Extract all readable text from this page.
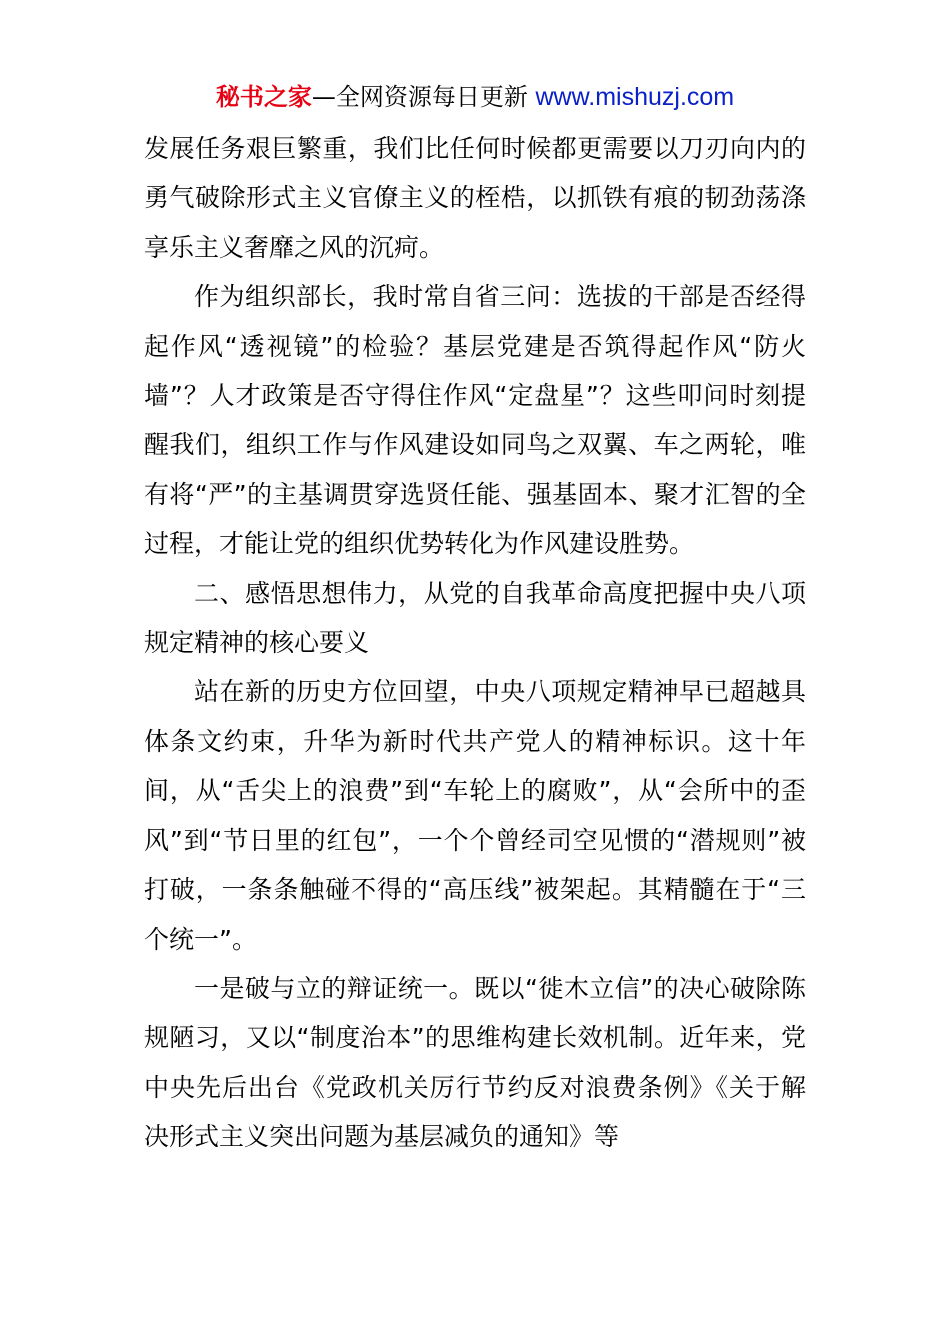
秘书之家—全网资源每日更新 www.mishuzj.com

发展任务艰巨繁重，我们比任何时候都更需要以刀刃向内的勇气破除形式主义官僚主义的桎梏，以抓铁有痕的韧劲荡涤享乐主义奢靡之风的沉疴。

作为组织部长，我时常自省三问：选拔的干部是否经得起作风“透视镜”的检验？基层党建是否筑得起作风“防火墙”？人才政策是否守得住作风“定盘星”？这些叩问时刻提醒我们，组织工作与作风建设如同鸟之双翼、车之两轮，唯有将“严”的主基调贯穿选贤任能、强基固本、聚才汇智的全过程，才能让党的组织优势转化为作风建设胜势。

二、感悟思想伟力，从党的自我革命高度把握中央八项规定精神的核心要义

站在新的历史方位回望，中央八项规定精神早已超越具体条文约束，升华为新时代共产党人的精神标识。这十年间，从“舌尖上的浪费”到“车轮上的腐败”，从“会所中的歪风”到“节日里的红包”，一个个曾经司空见惯的“潜规则”被打破，一条条触碰不得的“高压线”被架起。其精髓在于“三个统一”。

一是破与立的辩证统一。既以“徙木立信”的决心破除陈规陋习，又以“制度治本”的思维构建长效机制。近年来，党中央先后出台《党政机关厉行节约反对浪费条例》《关于解决形式主义突出问题为基层减负的通知》等
